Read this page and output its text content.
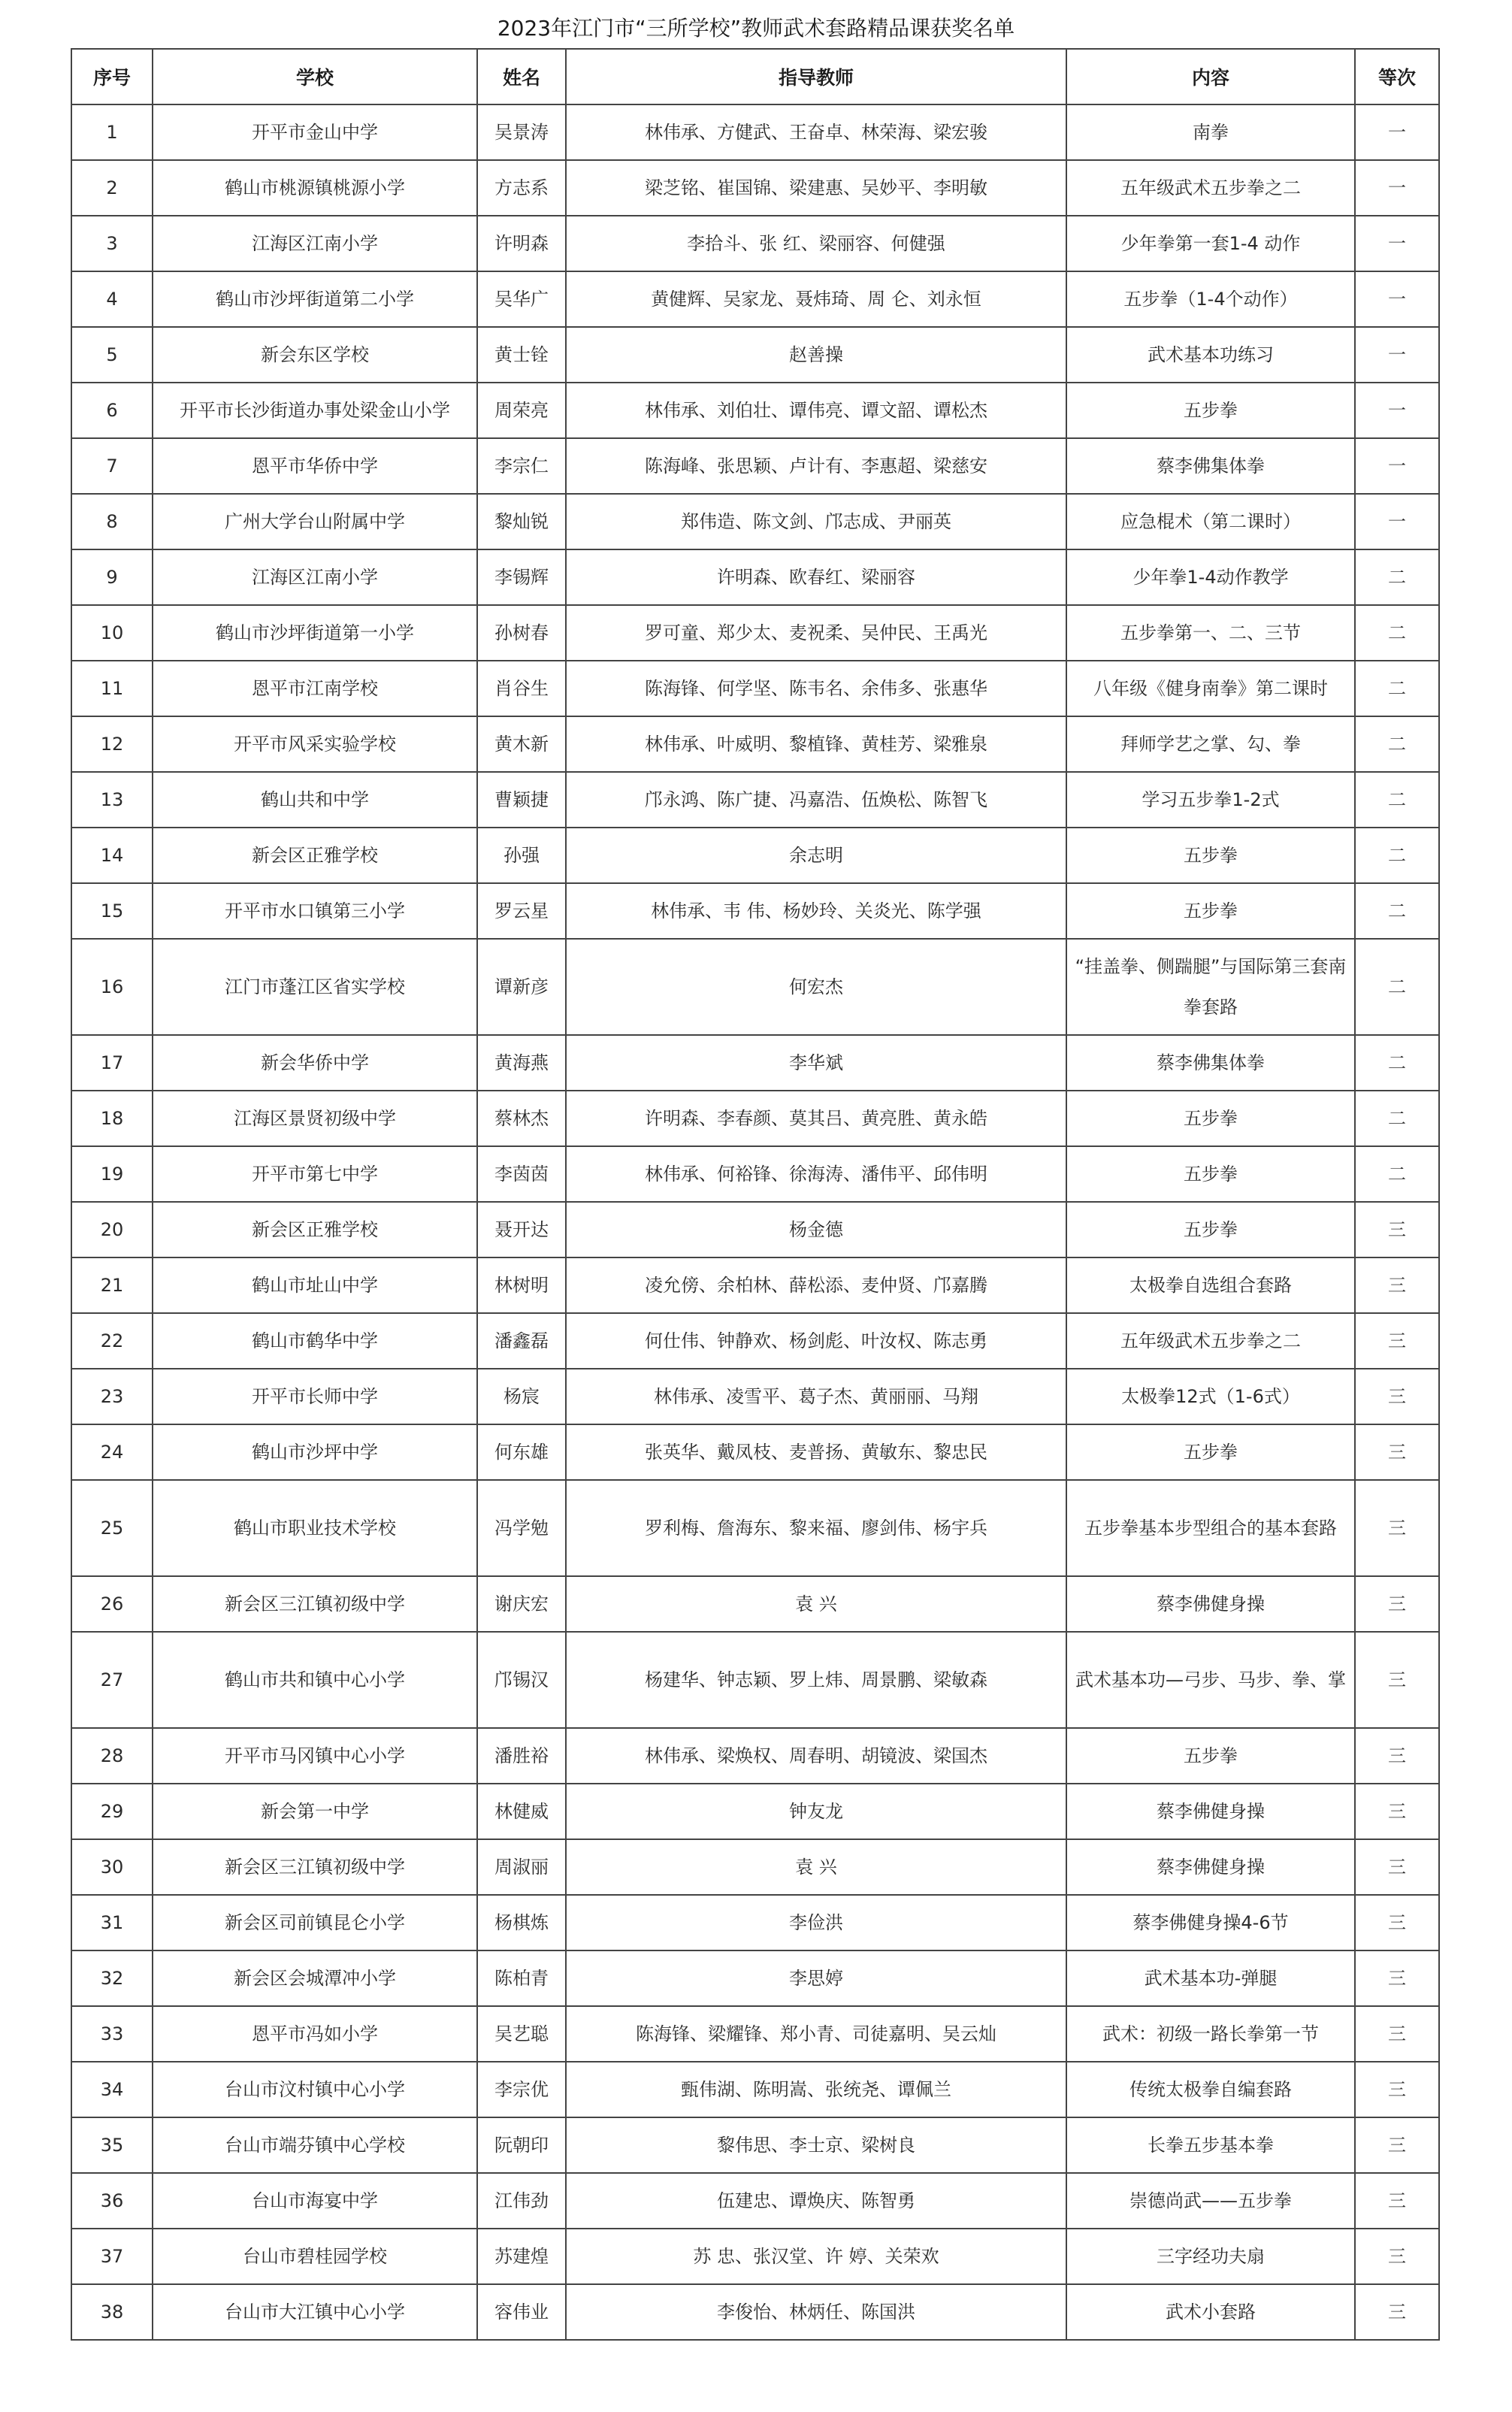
2023年江门市“三所学校”教师武术套路精品课获奖名单
序号	学校	姓名	指导教师	内容	等次
1	开平市金山中学	吴景涛	林伟承、方健武、王奋卓、林荣海、梁宏骏	南拳	一
2	鹤山市桃源镇桃源小学	方志系	梁芝铭、崔国锦、梁建惠、吴妙平、李明敏	五年级武术五步拳之二	一
3	江海区江南小学	许明森	李拾斗、张 红、梁丽容、何健强	少年拳第一套1-4 动作	一
4	鹤山市沙坪街道第二小学	吴华广	黄健辉、吴家龙、聂炜琦、周 仑、刘永恒	五步拳（1-4个动作）	一
5	新会东区学校	黄士铨	赵善操	武术基本功练习	一
6	开平市长沙街道办事处梁金山小学	周荣亮	林伟承、刘伯壮、谭伟亮、谭文韶、谭松杰	五步拳	一
7	恩平市华侨中学	李宗仁	陈海峰、张思颖、卢计有、李惠超、梁慈安	蔡李佛集体拳	一
8	广州大学台山附属中学	黎灿锐	郑伟造、陈文剑、邝志成、尹丽英	应急棍术（第二课时）	一
9	江海区江南小学	李锡辉	许明森、欧春红、梁丽容	少年拳1-4动作教学	二
10	鹤山市沙坪街道第一小学	孙树春	罗可童、郑少太、麦祝柔、吴仲民、王禹光	五步拳第一、二、三节	二
11	恩平市江南学校	肖谷生	陈海锋、何学坚、陈韦名、余伟多、张惠华	八年级《健身南拳》第二课时	二
12	开平市风采实验学校	黄木新	林伟承、叶威明、黎植锋、黄桂芳、梁雅泉	拜师学艺之掌、勾、拳	二
13	鹤山共和中学	曹颖捷	邝永鸿、陈广捷、冯嘉浩、伍焕松、陈智飞	学习五步拳1-2式	二
14	新会区正雅学校	孙强	余志明	五步拳	二
15	开平市水口镇第三小学	罗云星	林伟承、韦 伟、杨妙玲、关炎光、陈学强	五步拳	二
16	江门市蓬江区省实学校	谭新彦	何宏杰	“挂盖拳、侧踹腿”与国际第三套南拳套路	二
17	新会华侨中学	黄海燕	李华斌	蔡李佛集体拳	二
18	江海区景贤初级中学	蔡林杰	许明森、李春颜、莫其吕、黄亮胜、黄永皓	五步拳	二
19	开平市第七中学	李茵茵	林伟承、何裕锋、徐海涛、潘伟平、邱伟明	五步拳	二
20	新会区正雅学校	聂开达	杨金德	五步拳	三
21	鹤山市址山中学	林树明	凌允傍、余柏林、薛松添、麦仲贤、邝嘉腾	太极拳自选组合套路	三
22	鹤山市鹤华中学	潘鑫磊	何仕伟、钟静欢、杨剑彪、叶汝权、陈志勇	五年级武术五步拳之二	三
23	开平市长师中学	杨宸	林伟承、凌雪平、葛子杰、黄丽丽、马翔	太极拳12式（1-6式）	三
24	鹤山市沙坪中学	何东雄	张英华、戴凤枝、麦普扬、黄敏东、黎忠民	五步拳	三
25	鹤山市职业技术学校	冯学勉	罗利梅、詹海东、黎来福、廖剑伟、杨宇兵	五步拳基本步型组合的基本套路	三
26	新会区三江镇初级中学	谢庆宏	袁 兴	蔡李佛健身操	三
27	鹤山市共和镇中心小学	邝锡汉	杨建华、钟志颖、罗上炜、周景鹏、梁敏森	武术基本功—弓步、马步、拳、掌	三
28	开平市马冈镇中心小学	潘胜裕	林伟承、梁焕权、周春明、胡镜波、梁国杰	五步拳	三
29	新会第一中学	林健威	钟友龙	蔡李佛健身操	三
30	新会区三江镇初级中学	周淑丽	袁 兴	蔡李佛健身操	三
31	新会区司前镇昆仑小学	杨棋炼	李俭洪	蔡李佛健身操4-6节	三
32	新会区会城潭冲小学	陈柏青	李思婷	武术基本功-弹腿	三
33	恩平市冯如小学	吴艺聪	陈海锋、梁耀锋、郑小青、司徒嘉明、吴云灿	武术：初级一路长拳第一节	三
34	台山市汶村镇中心小学	李宗优	甄伟湖、陈明嵩、张统尧、谭佩兰	传统太极拳自编套路	三
35	台山市端芬镇中心学校	阮朝印	黎伟思、李士京、梁树良	长拳五步基本拳	三
36	台山市海宴中学	江伟劲	伍建忠、谭焕庆、陈智勇	崇德尚武——五步拳	三
37	台山市碧桂园学校	苏建煌	苏 忠、张汉堂、许 婷、关荣欢	三字经功夫扇	三
38	台山市大江镇中心小学	容伟业	李俊怡、林炳任、陈国洪	武术小套路	三
